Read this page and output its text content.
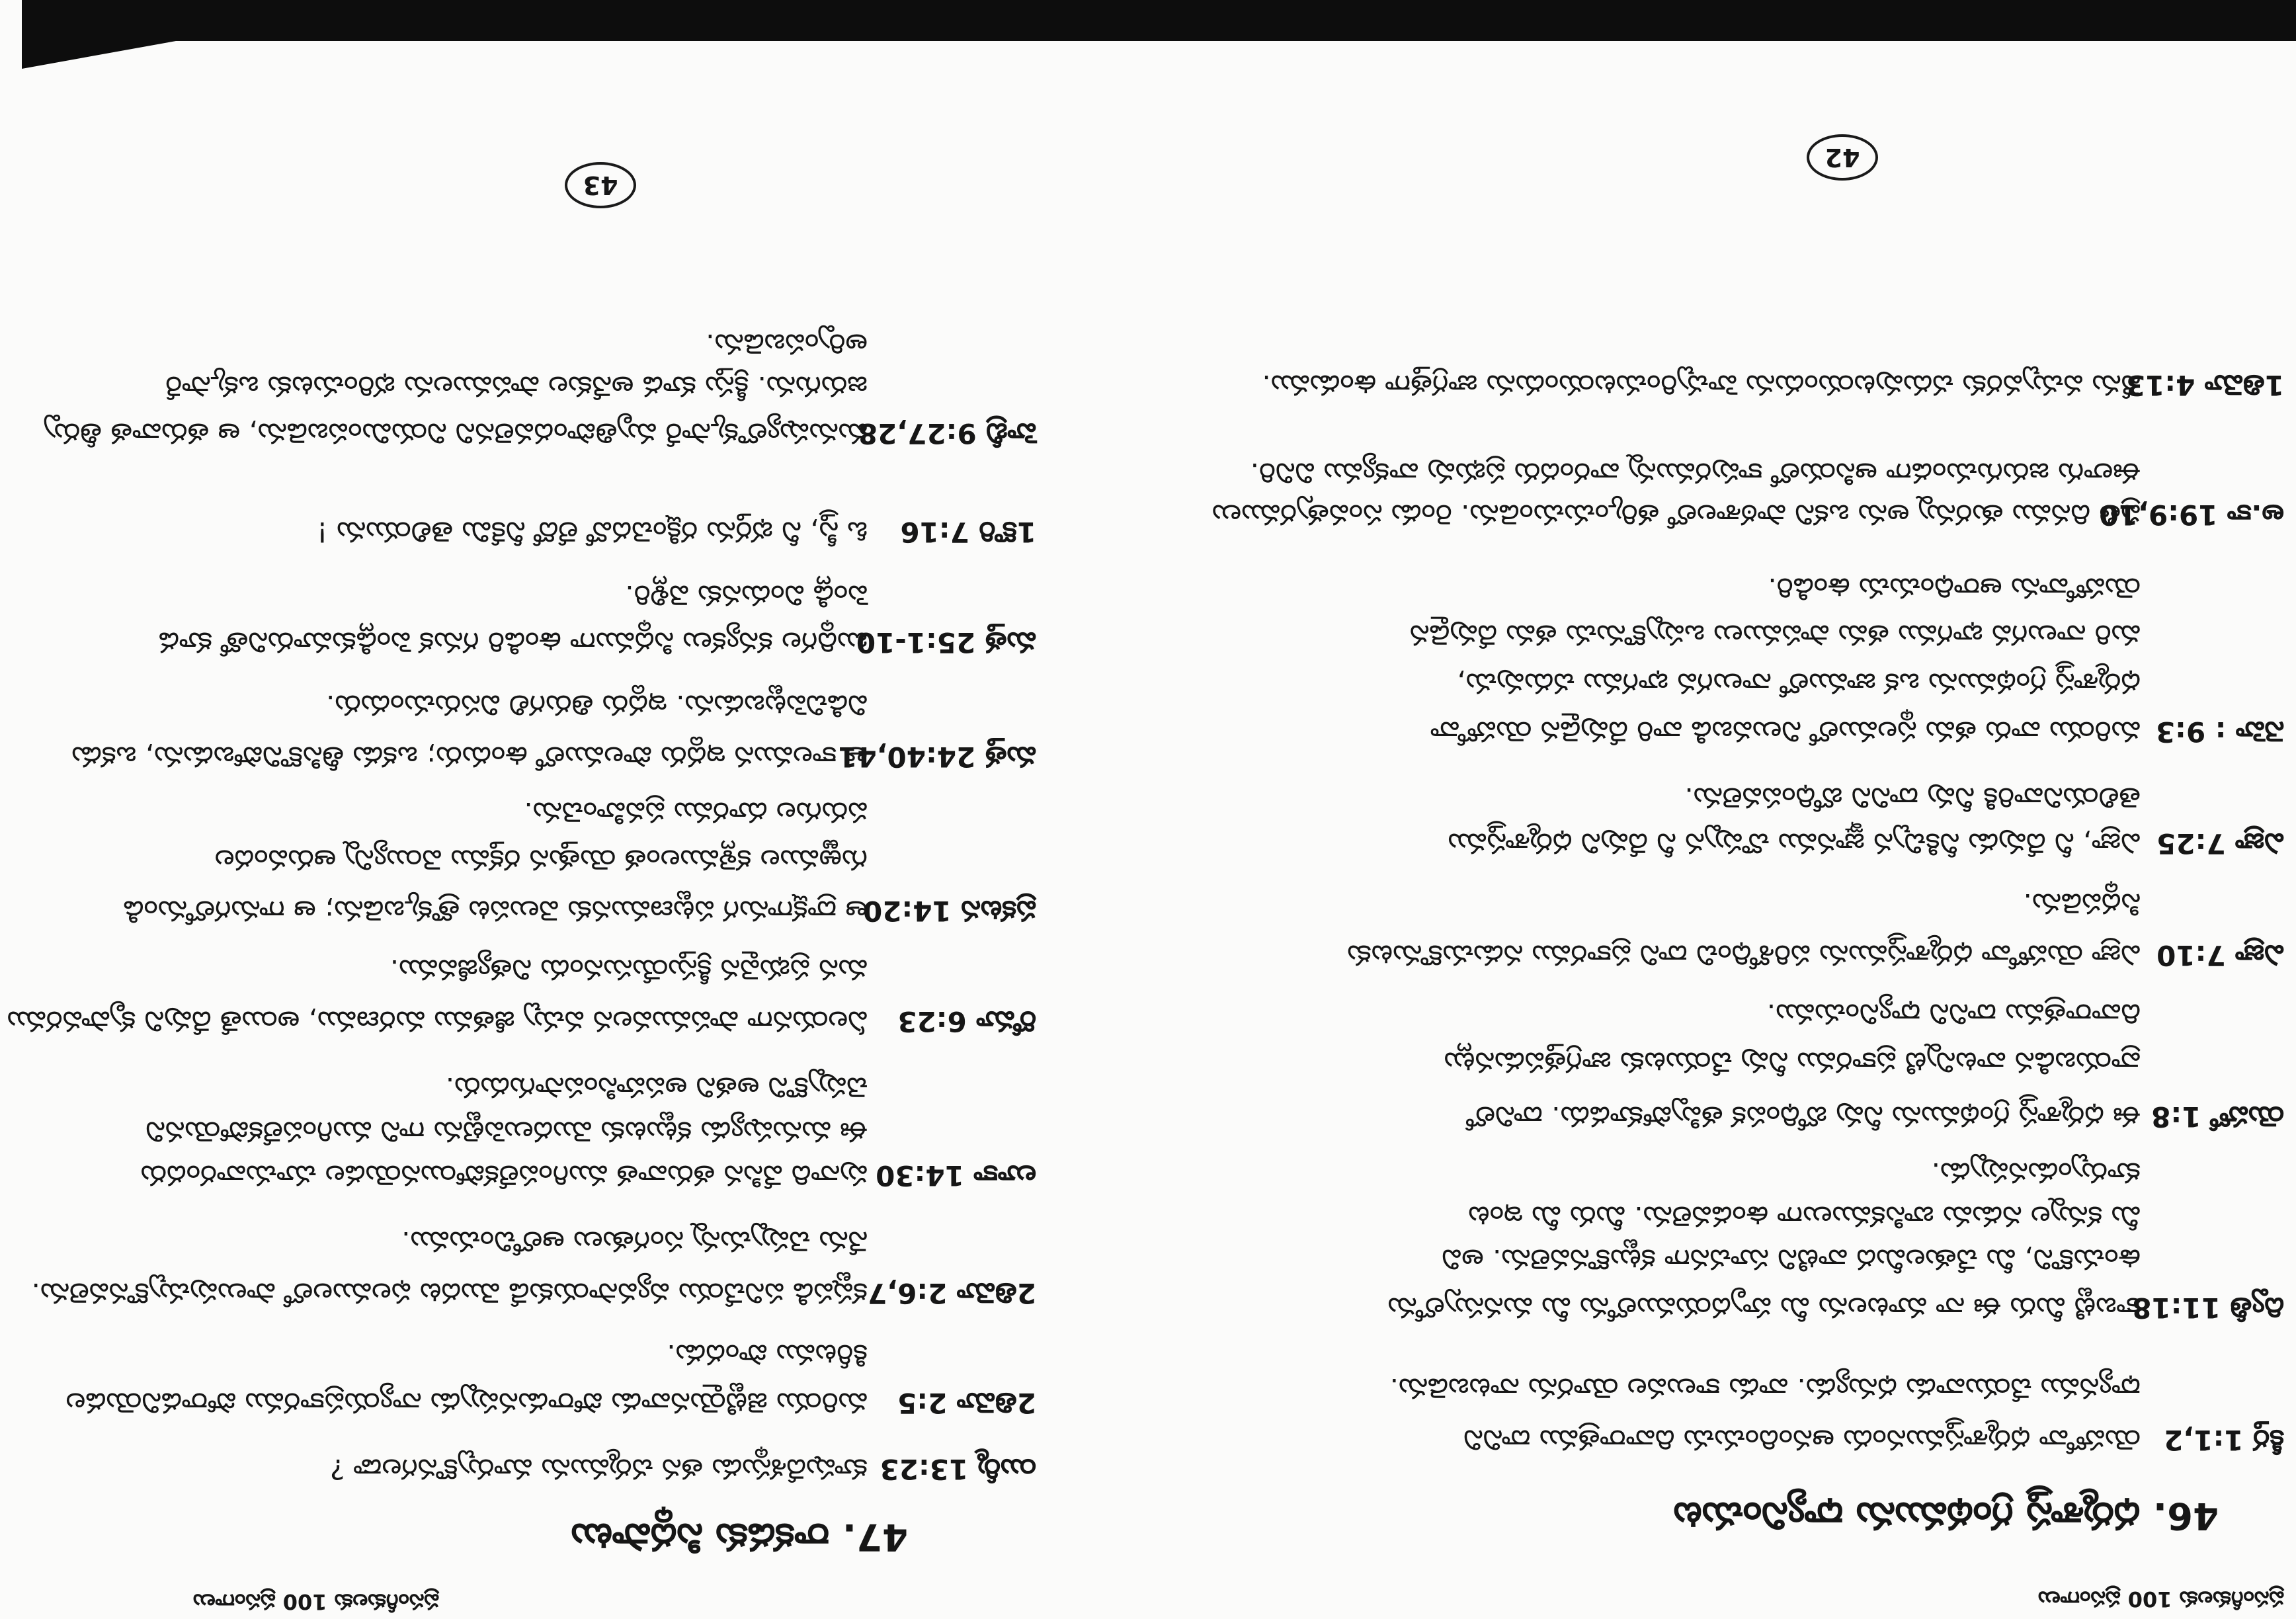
ప్రసంగీకులకు 100 ప్రసంగాలు
46. ధర్మశాస్త్ర గ్రంథమును ధ్యానించుట
కీర్త 1:1,2
యెహోవా ధర్మశాస్త్రమునందు ఆనందించుచు దివారాత్రము దానిని
ధ్యానము చేయువాడు ధన్యుడు. వాడు కాలువల యోరను నాటబడెను.
ద్వితీ 11:18
కాబట్టి మీరు ఈ నా మాటలను మీ హృదయములోను మీ మనస్సులోను
ఉంచుకొని, మీ చేతులమీద వాటిని సూచనగా కట్టుకొనవలెను. అవి
మీ కన్నుల నడుమ బాసికములుగా ఉండవలెను. మీరు మీ ఇంట
కూర్చుండునప్పుడు.
యెహో 1:8
ఈ ధర్మశాస్త్ర గ్రంథమును నీవు బోధింపక తప్పిపోకూడదు. దానిలో
వ్రాయబడిన వాటన్నిటి ప్రకారము నీవు చేయుటకు జాగ్రత్తపడునట్లు
దివారాత్రము దానిని ధ్యానించుము.
ఎజ్రా 7:10
ఎజ్రా యెహోవా ధర్మశాస్త్రమును పరిశోధించి దాని ప్రకారము నడుచుకొనుటకు
సిద్ధపడెను.
ఎజ్రా 7:25
ఎజ్రా, నీ దేవుడు నీకిచ్చిన జ్ఞానము చొప్పున నీ దేవుని ధర్మశాస్త్రము
తెలియనివారికి నీవు దానిని బోధింపవలెను.
నెహె : 9:3
మరియు వారు తమ స్థలములో నిలువబడి వారి దేవుడైన యెహోవా
ధర్మశాస్త్ర గ్రంథమును ఒక జాములో నాలుగవ భాగము చదువుచు,
మరి నాలుగవ భాగము తమ పాపములు ఒప్పుకొనుచు తమ దేవుడైన
యెహోవాను ఆరాధించుచు ఉండిరి.
అ.కా 19:9,10
ప్రతి దినము తురన్ను అను ఒకని పాఠశాలలో తర్కించుచుండెను. రెండు సంవత్సరములు
ఈలాగు జరుగుచుండగా ఆసియలో కాపురమున్న వారందరు ప్రభువు వాక్యము వినిరి.
1తిమో 4:13
నేను వచ్చువరకు చదువుటయందును హెచ్చరించుటయందును జాగ్రత్తగా ఉండుము.
42
ప్రసంగీకులకు 100 ప్రసంగాలు
47. రాకడకు సిద్ధపాటు
యిర్మీ 13:23
కూషుదేశస్థుడు తన చర్మమును మార్చుకొనగలడా ?
2తిమో 2:5
మరియు జెట్టియైనవాడు పోరాడునప్పుడు న్యాయప్రకారము పోరాడనియెడల
కిరీటము పొందడు.
2తిమో 2:6,7
కష్టపడి పనిచేయు వ్యవసాయకుడే మొదట ఫలములలో పాలుపుచ్చుకొనవలెను.
నేను చెప్పుచున్న సంగతులు ఆలోచించుము.
లూకా 14:30
పునాది వేసిన తరువాత ముగింపలేకపోయినయెడల చూచువారందరు
ఈ మనుష్యుడు కట్టుటకు మొదలుపెట్టెను గాని ముగింపలేకపోయెనని
చెప్పుకొని అతని అపహసింపసాగుదురు.
రోమా 6:23
ఏలయనగా పాపమువలన వచ్చు జీతము మరణము, అయితే దేవుని కృపావరము
మన ప్రభువైన క్రీస్తుయేసునందు నిత్యజీవము.
ప్రకటన 14:20
ఆ ద్రాక్షగానుగ పట్టణమునకు వెలుపట త్రొక్కబడెను; ఆ గానుగలోనుండి
గుఱ్ఱముల కళ్లెములంత యెత్తున రక్తము వెయ్యిన్ని ఆరువందల
పరుగుల దూరము ప్రవహించెను.
మత్త 24:40,41
ఆ కాలమున ఇద్దరు పొలములో ఉందురు; ఒకడు తీసికొనిపోబడును, ఒకడు
విడిచిపెట్టబడును. ఇద్దరు తిరుగలి విసరుచుందురు.
మత్త 25:1-10
బుద్ధిగల కన్యకలు సిద్ధముగా ఉండిరి గనుక పెండ్లికుమారునితో కూడ
పెండ్లి విందునకు వెళ్లిరి.
1కొరి 7:16
ఓ స్త్రీ, నీ భర్తను రక్షించెదవో లేదో నీకేమి తెలియును !
హెబ్రీ 9:27,28
మనుష్యులొక్కసారే మృతిపొందవలెనని నియమింపబడెను, ఆ తరువాత తీర్పు
జరుగును. క్రీస్తు కూడ అనేకుల పాపములను భరించుటకు ఒక్కసారే
అర్పింపబడెను.
43
